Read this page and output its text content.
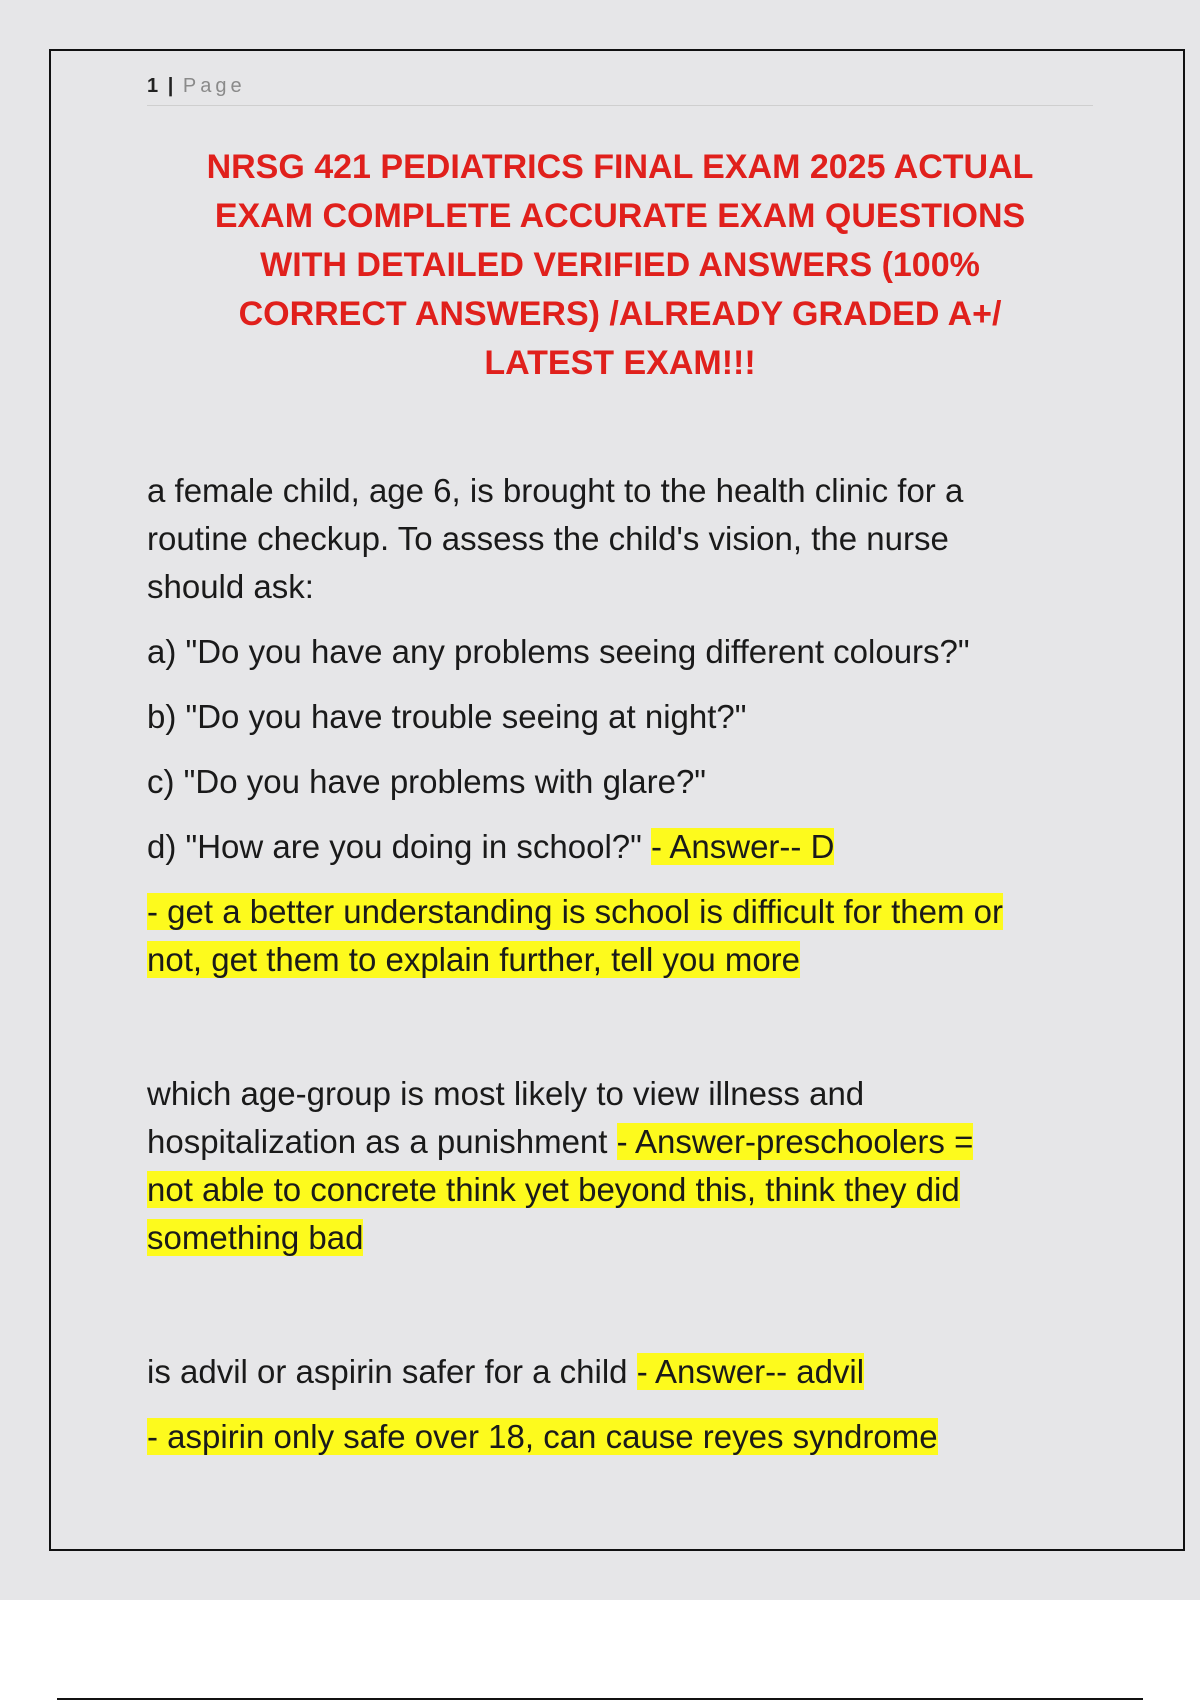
1 | Page
NRSG 421 PEDIATRICS FINAL EXAM 2025 ACTUAL
EXAM COMPLETE ACCURATE EXAM QUESTIONS
WITH DETAILED VERIFIED ANSWERS (100%
CORRECT ANSWERS) /ALREADY GRADED A+/
LATEST EXAM!!!

a female child, age 6, is brought to the health clinic for a
routine checkup. To assess the child's vision, the nurse
should ask:

a) "Do you have any problems seeing different colours?"

b) "Do you have trouble seeing at night?"

c) "Do you have problems with glare?"

d) "How are you doing in school?" - Answer-- D

- get a better understanding is school is difficult for them or
not, get them to explain further, tell you more

which age-group is most likely to view illness and
hospitalization as a punishment - Answer-preschoolers =
not able to concrete think yet beyond this, think they did
something bad

is advil or aspirin safer for a child - Answer-- advil

- aspirin only safe over 18, can cause reyes syndrome
